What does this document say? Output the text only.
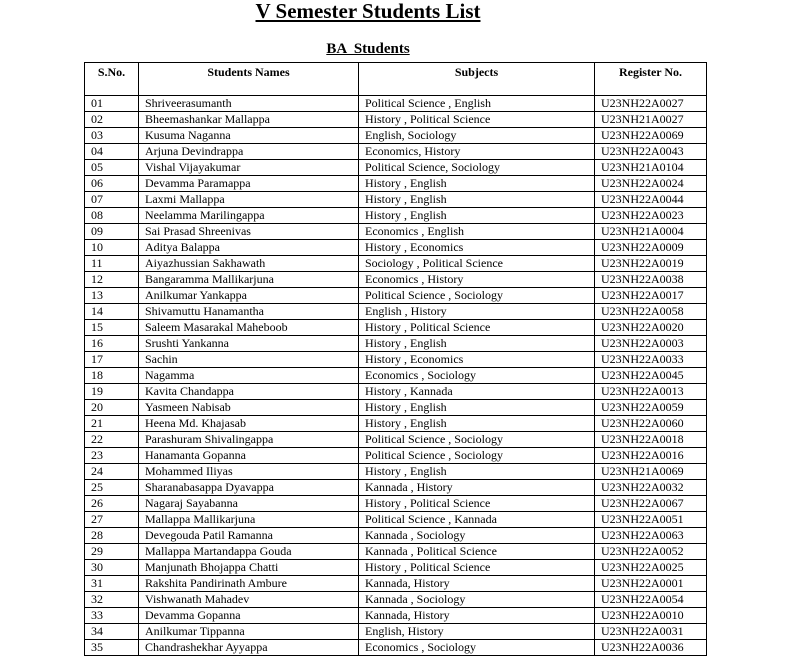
V Semester Students List
BA  Students
S.No.	Students Names	Subjects	Register No.
01	Shriveerasumanth	Political Science , English	U23NH22A0027
02	Bheemashankar Mallappa	History , Political Science	U23NH21A0027
03	Kusuma Naganna	English, Sociology	U23NH22A0069
04	Arjuna Devindrappa	Economics, History	U23NH22A0043
05	Vishal Vijayakumar	Political Science, Sociology	U23NH21A0104
06	Devamma Paramappa	History , English	U23NH22A0024
07	Laxmi Mallappa	History , English	U23NH22A0044
08	Neelamma Marilingappa	History , English	U23NH22A0023
09	Sai Prasad Shreenivas	Economics , English	U23NH21A0004
10	Aditya Balappa	History , Economics	U23NH22A0009
11	Aiyazhussian Sakhawath	Sociology , Political Science	U23NH22A0019
12	Bangaramma Mallikarjuna	Economics , History	U23NH22A0038
13	Anilkumar Yankappa	Political Science , Sociology	U23NH22A0017
14	Shivamuttu Hanamantha	English , History	U23NH22A0058
15	Saleem Masarakal Maheboob	History , Political Science	U23NH22A0020
16	Srushti Yankanna	History , English	U23NH22A0003
17	Sachin	History , Economics	U23NH22A0033
18	Nagamma	Economics , Sociology	U23NH22A0045
19	Kavita Chandappa	History , Kannada	U23NH22A0013
20	Yasmeen Nabisab	History , English	U23NH22A0059
21	Heena Md. Khajasab	History , English	U23NH22A0060
22	Parashuram Shivalingappa	Political Science , Sociology	U23NH22A0018
23	Hanamanta Gopanna	Political Science , Sociology	U23NH22A0016
24	Mohammed Iliyas	History , English	U23NH21A0069
25	Sharanabasappa Dyavappa	Kannada , History	U23NH22A0032
26	Nagaraj Sayabanna	History , Political Science	U23NH22A0067
27	Mallappa Mallikarjuna	Political Science , Kannada	U23NH22A0051
28	Devegouda Patil Ramanna	Kannada , Sociology	U23NH22A0063
29	Mallappa Martandappa Gouda	Kannada , Political Science	U23NH22A0052
30	Manjunath Bhojappa Chatti	History , Political Science	U23NH22A0025
31	Rakshita Pandirinath Ambure	Kannada, History	U23NH22A0001
32	Vishwanath Mahadev	Kannada , Sociology	U23NH22A0054
33	Devamma Gopanna	Kannada, History	U23NH22A0010
34	Anilkumar Tippanna	English, History	U23NH22A0031
35	Chandrashekhar Ayyappa	Economics , Sociology	U23NH22A0036
